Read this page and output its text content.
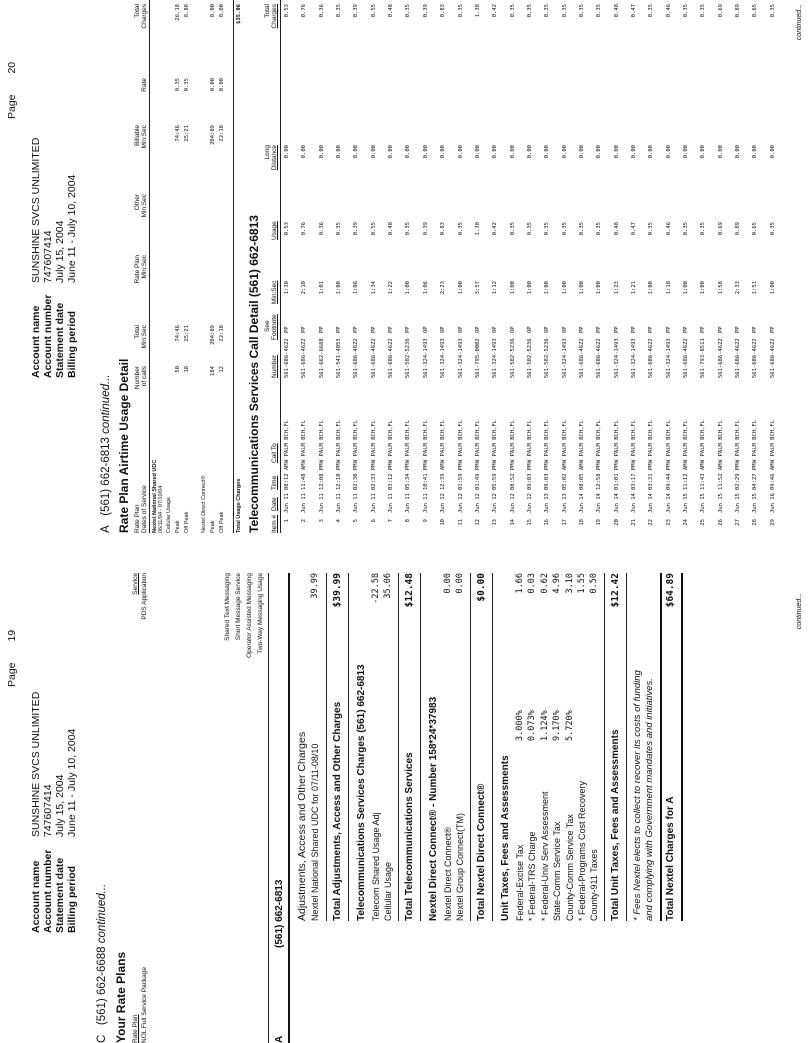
Page 19
Account name Account number Statement date Billing period
SUNSHINE SVCS UNLIMITED 747607414 July 15, 2004 June 11 - July 10, 2004
C   (561) 662-6688 continued...
Your Rate Plans Rate Plan
Service
NOL Full Service Package
PDS Application	Shared Text Messaging Short Message Service Operator Assisted Messaging Two-Way Messaging Usage
A
(561) 662-6813 Adjustments, Access and Other Charges Nextel National Shared UDC for 07/11-08/10
39.99
Total Adjustments, Access and Other Charges
$39.99
Telecommunications Services Charges (561) 662-6813 Telecom Shared Usage Adj
-22.58
Cellular Usage
35.06
Total Telecommunications Services
$12.48
Nextel Direct Connect® - Number 158*24*37983 Nextel Direct Connect®
0.00
Nextel Group Connect(TM)
0.00
Total Nextel Direct Connect®
$0.00
Unit Taxes, Fees and Assessments Federal-Excise Tax
3.000%
1.66
* Federal-TRS Charge
0.073%
0.03
* Federal-Univ Serv Assessment
1.124%
0.62
State-Comm Service Tax
9.170%
4.96
County-Comm Service Tax
5.720%
3.10
* Federal-Programs Cost Recovery
1.55
County-911 Taxes
0.50
Total Unit Taxes, Fees and Assessments
$12.42
* Fees Nextel elects to collect to recover its costs of funding and complying with Government mandates and initiatives. Total Nextel Charges for A
$64.89
continued...
Page 20
Account name Account number Statement date Billing period
SUNSHINE SVCS UNLIMITED 747607414 July 15, 2004 June 11 - July 10, 2004
A   (561) 662-6813 continued... Rate Plan Airtime Usage Detail Rate Plan Dates of Service
Number of calls
Total Min:Sec
Rate Plan Min:Sec
Other Min:Sec
Billable Min:Sec
Rate
Total Charges
Nextel National Shared UDC 06/11/04 - 07/10/04 Cellular Usage Peak
50
74:46
74:46
0.35
26.18
Off Peak
18
25:21
25:21
0.35
8.88
Nextel Direct Connect® Peak
184
204:09
204:09
0.00
0.00
Off Peak
12
22:18
22:18
0.00
0.00
Total Usage Charges
$35.06
Telecommunications Services Call Detail (561) 662-6813 Item #
Date
Time
Call To
Number
See Footnote
Min:Sec
Usage
Long Distance
Total Charges
1
Jun 11
08:12 AM
W PALM BCH,FL
561-686-4622
PP
1:30
0.53
0.00
0.53
2
Jun 11
11:48 AM
W PALM BCH,FL
561-686-4622
PP
2:10
0.76
0.00
0.76
3
Jun 11
12:08 PM
W PALM BCH,FL
561-662-6688
PP
1:01
0.36
0.00
0.36
4
Jun 11
12:10 PM
W PALM BCH,FL
561-541-4053
PP
1:00
0.35
0.00
0.35
5
Jun 11
02:30 PM
W PALM BCH,FL
561-686-4622
PP
1:06
0.39
0.00
0.39
6
Jun 11
02:33 PM
W PALM BCH,FL
561-686-4622
PP
1:34
0.55
0.00
0.55
7
Jun 11
03:12 PM
W PALM BCH,FL
561-686-4622
PP
1:22
0.48
0.00
0.48
8
Jun 11
05:34 PM
W PALM BCH,FL
561-502-5236
PP
1:00
0.35
0.00
0.35
9
Jun 11
10:41 PM
W PALM BCH,FL
561-324-1493
OP
1:06
0.39
0.00
0.39
10
Jun 12
12:39 AM
W PALM BCH,FL
561-324-1493
OP
2:23
0.83
0.00
0.83
11
Jun 12
01:59 PM
W PALM BCH,FL
561-324-1493
OP
1:00
0.35
0.00
0.35
12
Jun 12
01:49 PM
W PALM BCH,FL
561-795-0002
OP
3:57
1.38
0.00
1.38
13
Jun 12
05:59 PM
W PALM BCH,FL
561-324-1493
OP
1:12
0.42
0.00
0.42
14
Jun 12
08:52 PM
W PALM BCH,FL
561-502-5236
OP
1:00
0.35
0.00
0.35
15
Jun 12
09:03 PM
W PALM BCH,FL
561-502-5236
OP
1:00
0.35
0.00
0.35
16
Jun 13
09:03 PM
W PALM BCH,FL
561-502-5236
OP
1:00
0.35
0.00
0.35
17
Jun 13
05:02 AM
W PALM BCH,FL
561-324-1493
OP
1:00
0.35
0.00
0.35
18
Jun 14
08:05 AM
W PALM BCH,FL
561-686-4622
PP
1:00
0.35
0.00
0.35
19
Jun 14
12:58 PM
W PALM BCH,FL
561-686-4622
PP
1:00
0.35
0.00
0.35
20
Jun 14
01:01 PM
W PALM BCH,FL
561-324-1493
PP
1:23
0.48
0.00
0.48
21
Jun 14
03:17 PM
W PALM BCH,FL
561-324-1493
PP
1:21
0.47
0.00
0.47
22
Jun 14
03:31 PM
W PALM BCH,FL
561-686-4622
PP
1:00
0.35
0.00
0.35
23
Jun 14
09:44 PM
W PALM BCH,FL
561-324-1493
PP
1:18
0.46
0.00
0.46
24
Jun 15
11:12 AM
W PALM BCH,FL
561-686-4622
PP
1:00
0.35
0.00
0.35
25
Jun 15
11:43 AM
W PALM BCH,FL
561-793-8511
PP
1:00
0.35
0.00
0.35
26
Jun 15
11:52 AM
W PALM BCH,FL
561-686-4622
PP
1:58
0.69
0.00
0.69
27
Jun 15
02:29 PM
W PALM BCH,FL
561-686-4622
PP
2:33
0.89
0.00
0.89
28
Jun 15
04:27 PM
W PALM BCH,FL
561-686-4622
PP
1:51
0.65
0.00
0.65
29
Jun 16
09:46 AM
W PALM BCH,FL
561-686-4622
PP
1:00
0.35
0.00
0.35	continued...
